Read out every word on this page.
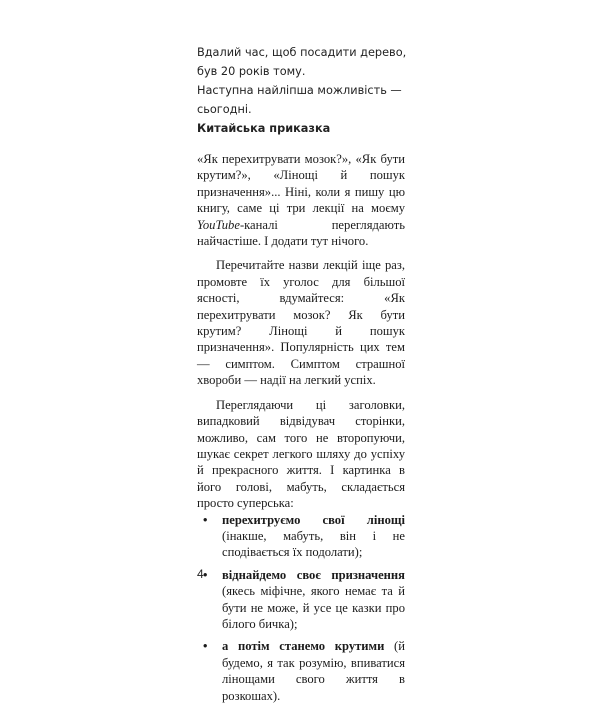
Вдалий час, щоб посадити дерево,
був 20 років тому.
Наступна найліпша можливість —
сьогодні.
Китайська приказка

«Як перехитрувати мозок?», «Як бути крутим?», «Лінощі й пошук призначення»... Ніні, коли я пишу цю книгу, саме ці три лекції на моєму YouTube-каналі переглядають найчастіше. І додати тут нічого.

Перечитайте назви лекцій іще раз, промовте їх уголос для більшої ясності, вдумайтеся: «Як перехитрувати мозок? Як бути крутим? Лінощі й пошук призначення». Популярність цих тем — симптом. Симптом страшної хвороби — надії на легкий успіх.

Переглядаючи ці заголовки, випадковий відвідувач сторінки, можливо, сам того не второпуючи, шукає секрет легкого шляху до успіху й прекрасного життя. І картинка в його голові, мабуть, складається просто суперська:

• перехитруємо свої лінощі (інакше, мабуть, він і не сподівається їх подолати);
• віднайдемо своє призначення (якесь міфічне, якого немає та й бути не може, й усе це казки про білого бичка);
• а потім станемо крутими (й будемо, я так розумію, впиватися лінощами свого життя в розкошах).
4
